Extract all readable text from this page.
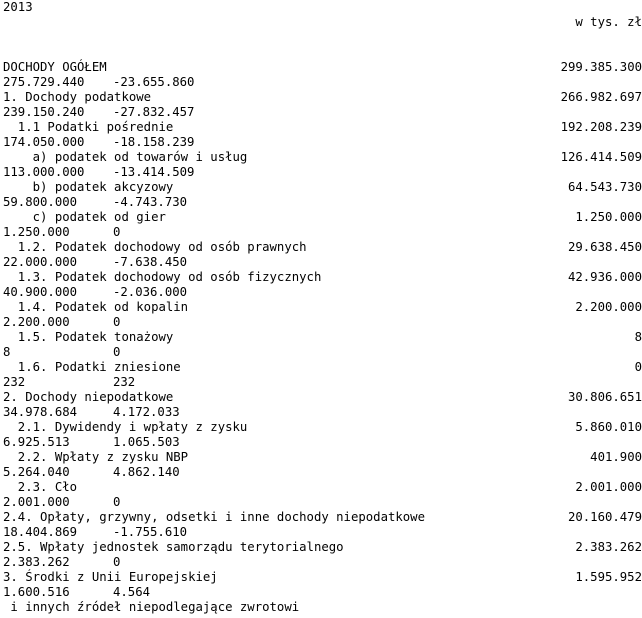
2013
w tys. zł
DOCHODY OGÓŁEM	299.385.300
275.729.440 -23.655.860
1. Dochody podatkowe	266.982.697
239.150.240 -27.832.457
1.1 Podatki pośrednie	192.208.239
174.050.000 -18.158.239
a) podatek od towarów i usług	126.414.509
113.000.000 -13.414.509
b) podatek akcyzowy	64.543.730
59.800.000	-4.743.730
c) podatek od gier	1.250.000
1.250.000	0
1.2. Podatek dochodowy od osób prawnych	29.638.450
22.000.000	-7.638.450
1.3. Podatek dochodowy od osób fizycznych	42.936.000
40.900.000	-2.036.000
1.4. Podatek od kopalin	2.200.000
2.200.000	0
1.5. Podatek tonażowy	8
8	0
1.6. Podatki zniesione	0
232	232
2. Dochody niepodatkowe	30.806.651
34.978.684	4.172.033
2.1. Dywidendy i wpłaty z zysku	5.860.010
6.925.513	1.065.503
2.2. Wpłaty z zysku NBP	401.900
5.264.040	4.862.140
2.3. Cło	2.001.000
2.001.000	0
2.4. Opłaty, grzywny, odsetki i inne dochody niepodatkowe	20.160.479
18.404.869	-1.755.610
2.5. Wpłaty jednostek samorządu terytorialnego	2.383.262
2.383.262	0
3. Środki z Unii Europejskiej	1.595.952
1.600.516	4.564
i innych źródeł niepodlegające zwrotowi
